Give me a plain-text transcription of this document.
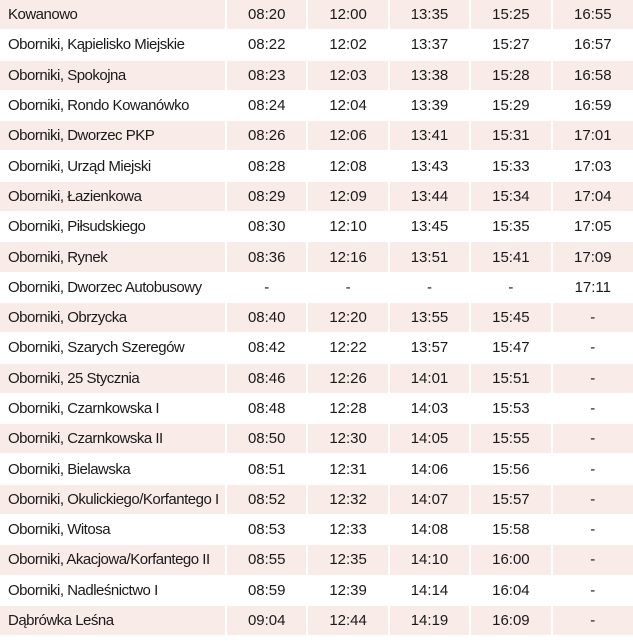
Kowanowo	08:20	12:00	13:35	15:25	16:55
Oborniki, Kąpielisko Miejskie	08:22	12:02	13:37	15:27	16:57
Oborniki, Spokojna	08:23	12:03	13:38	15:28	16:58
Oborniki, Rondo Kowanówko	08:24	12:04	13:39	15:29	16:59
Oborniki, Dworzec PKP	08:26	12:06	13:41	15:31	17:01
Oborniki, Urząd Miejski	08:28	12:08	13:43	15:33	17:03
Oborniki, Łazienkowa	08:29	12:09	13:44	15:34	17:04
Oborniki, Piłsudskiego	08:30	12:10	13:45	15:35	17:05
Oborniki, Rynek	08:36	12:16	13:51	15:41	17:09
Oborniki, Dworzec Autobusowy	-	-	-	-	17:11
Oborniki, Obrzycka	08:40	12:20	13:55	15:45	-
Oborniki, Szarych Szeregów	08:42	12:22	13:57	15:47	-
Oborniki, 25 Stycznia	08:46	12:26	14:01	15:51	-
Oborniki, Czarnkowska I	08:48	12:28	14:03	15:53	-
Oborniki, Czarnkowska II	08:50	12:30	14:05	15:55	-
Oborniki, Bielawska	08:51	12:31	14:06	15:56	-
Oborniki, Okulickiego/Korfantego I	08:52	12:32	14:07	15:57	-
Oborniki, Witosa	08:53	12:33	14:08	15:58	-
Oborniki, Akacjowa/Korfantego II	08:55	12:35	14:10	16:00	-
Oborniki, Nadleśnictwo I	08:59	12:39	14:14	16:04	-
Dąbrówka Leśna	09:04	12:44	14:19	16:09	-
